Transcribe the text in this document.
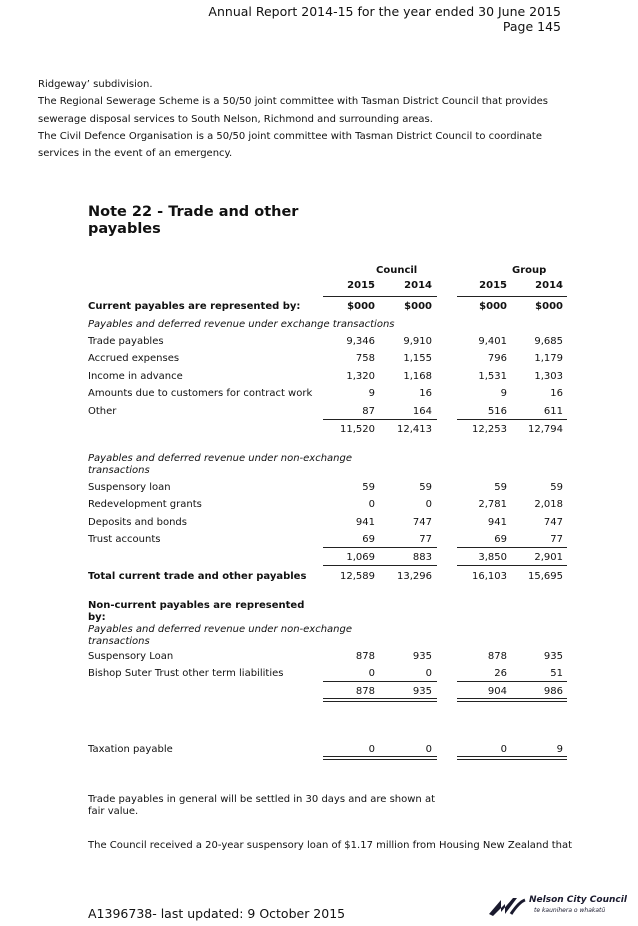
Annual Report 2014-15 for the year ended 30 June 2015
Page 145
Ridgeway’ subdivision.
The Regional Sewerage Scheme is a 50/50 joint committee with Tasman District Council that provides
sewerage disposal services to South Nelson, Richmond and surrounding areas.
The Civil Defence Organisation is a 50/50 joint committee with Tasman District Council to coordinate
services in the event of an emergency.
Note 22 - Trade and other
payables
Council	Group
2015	2014	2015	2014
Current payables are represented by:	$000	$000	$000	$000
Payables and deferred revenue under exchange transactions
Trade payables	9,346	9,910	9,401	9,685
Accrued expenses	758	1,155	796	1,179
Income in advance	1,320	1,168	1,531	1,303
Amounts due to customers for contract work	9	16	9	16
Other	87	164	516	611
11,520	12,413	12,253	12,794
Payables and deferred revenue under non-exchange
transactions
Suspensory loan	59	59	59	59
Redevelopment grants	0	0	2,781	2,018
Deposits and bonds	941	747	941	747
Trust accounts	69	77	69	77
1,069	883	3,850	2,901
Total current trade and other payables	12,589	13,296	16,103	15,695
Non-current payables are represented
by:
Payables and deferred revenue under non-exchange
transactions
Suspensory Loan	878	935	878	935
Bishop Suter Trust other term liabilities	0	0	26	51
878	935	904	986
Taxation payable	0	0	0	9
Trade payables in general will be settled in 30 days and are shown at
fair value.
The Council received a 20-year suspensory loan of $1.17 million from Housing New Zealand that
A1396738- last updated: 9 October 2015
Nelson City Council
te kaunihera o whakatū
